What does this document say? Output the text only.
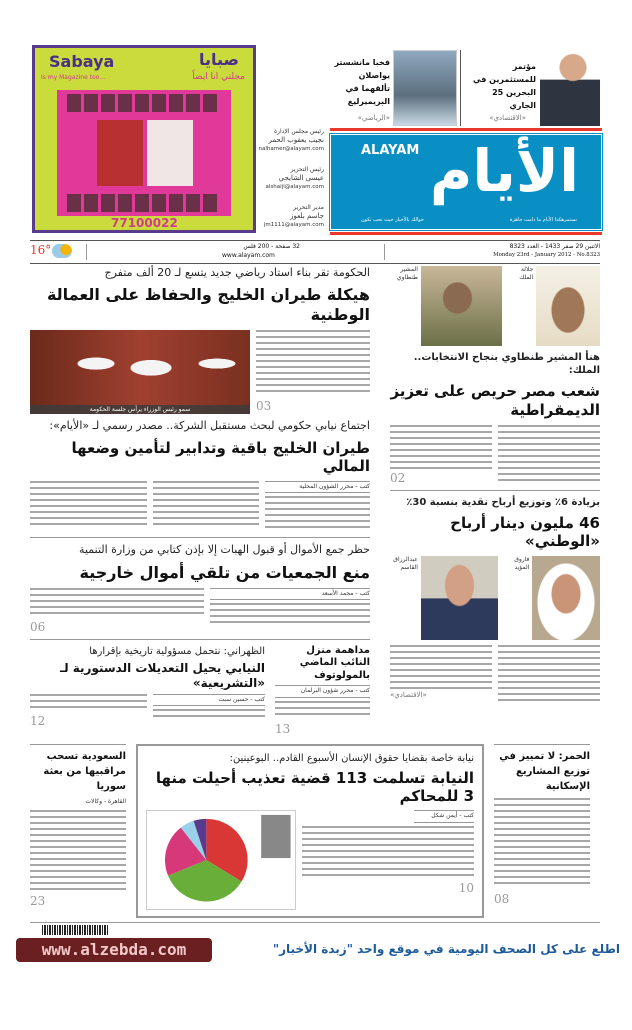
Sabaya	صبايا
Is my Magazine too...	مجلتي انا ايضاً
77100022
رئيس مجلس الإدارة
نجيب يعقوب الحمر
nalhamer@alayam.com
رئيس التحرير
عيسى الشايجي
alshaiji@alayam.com
مدير التحرير
جاسم بلعوز
jm1111@alayam.com
فخبا مانشستر يواصلان تألقهما في البريميرليغ
«الرياضي»
مؤتمر للمستثمرين في البحرين 25 الجاري
«الاقتصادي»
ALAYAM الأيام
نستمرهكذا الأيام ما دامت جاهزة
حوالك بالأخبار حيث تحب تكون
16°	32 صفحة - 200 فلس
www.alayam.com
الاثنين 29 صفر 1433 - العدد 8323
Monday 23rd - January 2012 - No.8323
الحكومة تقر بناء استاد رياضي جديد يتسع لـ 20 ألف متفرج
هيكلة طيران الخليج والحفاظ على العمالة الوطنية
03
سمو رئيس الوزراء يرأس جلسة الحكومة
اجتماع نيابي حكومي لبحث مستقبل الشركة.. مصدر رسمي لـ «الأيام»:
طيران الخليج باقية وتدابير لتأمين وضعها المالي
كتب - محرر الشؤون المحلية
حظر جمع الأموال أو قبول الهبات إلا بإذن كتابي من وزارة التنمية
منع الجمعيات من تلقي أموال خارجية
كتب - محمد الأسعد
06
مداهمة منزل النائب الماضي بالمولوتوف
كتب - محرر شؤون البرلمان
13
الظهراني: نتحمل مسؤولية تاريخية بإقرارها
النيابي يحيل التعديلات الدستورية لـ «التشريعية»
كتب - حسين سبت
12
جلالة الملك
المشير طنطاوي
هنأ المشير طنطاوي بنجاح الانتخابات.. الملك:
شعب مصر حريص على تعزيز الديمقراطية
02
بزيادة 6٪ وتوزيع أرباح نقدية بنسبة 30٪
46 مليون دينار أرباح «الوطني»
فاروق المؤيد
عبدالرزاق القاسم
«الاقتصادي»
السعودية تسحب مراقبيها من بعثة سوريا
القاهرة - وكالات
23
نيابة خاصة بقضايا حقوق الإنسان الأسبوع القادم.. البوعينين:
النيابة تسلمت 113 قضية تعذيب أحيلت منها 3 للمحاكم
كتب - أيمن شكل
10
الحمر: لا تمييز في توزيع المشاريع الإسكانية
08
www.alzebda.com	اطلع على كل الصحف اليومية في موقع واحد "زبدة الأخبار"
